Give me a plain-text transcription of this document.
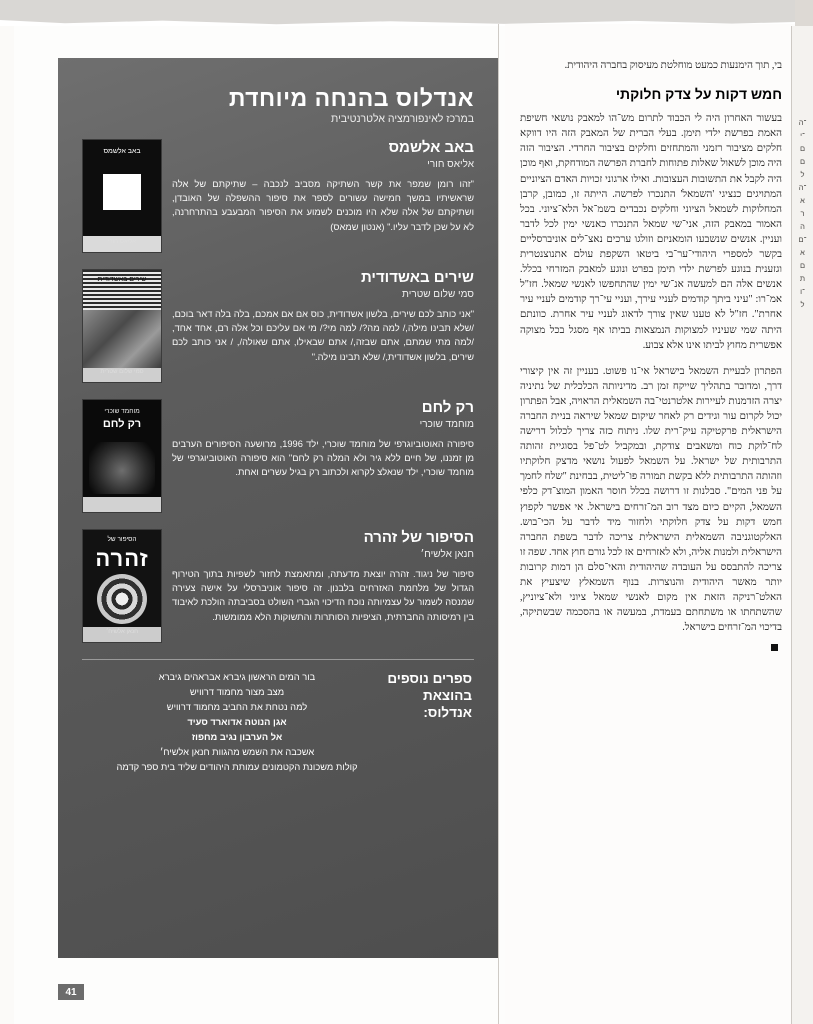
־ה
־י
ם
ם
ל
־ה
א
ר
ה
־ם
א
ם
ת
־ו
ל
אנדלוס בהנחה מיוחדת
במרכז לאינפורמציה אלטרנטיבית
באב אלשמס
אליאס חורי

"זהו רומן שמפר את קשר השתיקה מסביב לנכבה – שתיקתם של אלה שראשיתיו במשך חמישה עשורים לספר את סיפור ההשפלה של האובדן, ושתיקתם של אלה שלא היו מוכנים לשמוע את הסיפור המבעבע בהתרחרנה, לא על שכן לדבר עליו." (אנטון שמאס)

באב אלשמס
אליאס חורי
שירים באשדודית
סמי שלום שטרית

"אני כותב לכם שירים, בלשון אשדודית, כוס אם אם אמכם, בלה בלה דאר בוכם, /שלא תבינו מילה,/ למה מה?/ למה מי?/ מי אם עליכם וכל אלה רם, אחד אחד, /למה מתי שמתם, אתם שבזה,/ אתם שבאילו, אתם שאולה/, / אני כותב לכם שירים, בלשון אשדודית,/ שלא תבינו מילה."

שירים באשדודית
סמי שלום שטרית
רק לחם
מוחמד שוכרי

סיפורה האוטוביוגרפי של מוחמד שוכרי, ילד 1996, מרושעה הסיפורים הערבים מן זמננו, של חיים ללא גיר ולא המלה רק לחם" הוא סיפורה האוטוביוגרפי של מוחמד שוכרי, ילד שנאלצ לקרוא ולכתוב רק בגיל עשרים ואחת.

מוחמד שוכרי
רק לחם
הסיפור של זהרה
חנאן אלשיח׳

סיפור של ניגוד. זהרה יוצאת מדעתה, ומתאמצת לחזור לשפיות בתוך הטירוף הגדול של מלחמת האזרחים בלבנון. זה סיפור אוניברסלי על אישה צעירה שמנסה לשמור על עצמיותה נוכח הדיכוי הגברי השולט בסביבתה הולכת לאיבוד בין רמיסותה החברתית, הציפיות הסותרות והתשוקות הלא ממומשות.

הסיפור של
זהרה
חנאן אלשיח׳
ספרים נוספים בהוצאת אנדלוס:
בור המים הראשון גיברא אבראהים גיברא
מצב מצור מחמוד דרוויש
למה נטחת את החביב מחמוד דרוויש
אגן הנוטה אדוארד סעיד
אל הערבון נגיב מחפוז
אשכבה את השמש מהגוות חנאן אלשיח׳
קולות משכונת הקטמונים עמותת היהודים שליד בית ספר קדמה

בי, תוך הימנעות כמעט מוחלטת מעיסוק בחברה היהודית.

חמש דקות על צדק חלוקתי

בעשור האחרון היה לי הכבוד לתרום מש־הו למאבק נושאי חשיפת האמת בפרשת ילדי תימן. בעלי הברית של המאבק הזה היו דווקא חלקים מציבור רזמני והמתחזים וחלקים בציבור החרדי. הציבור הזה היה מוכן לשאול שאלות פתוחות לחברת הפרשה המודחקת, ואף מוכן היה לקבל את התשובות העצובות. ואילו ארגוני זכויות האדם הציוניים המתויגים כנציגי 'השמאל' התנכרו לפרשה. הייתה זו, כמובן, קרבן המחלוקות לשמאל הציוני וחלקים נכבדים בשמ־אל הלא־ציוני. בכל האמור במאבק הזה, אני־שי שמאל התנכרו כאנשי ימין לכל לדבר ועניין. אנשים שנשבעו הומאניזם וזולגו ערכים נאצ־לים אוניברסליים בקשר למספרי היהודי־ער־בי ביטאו השקפת עולם אתנוצנטרית וגזענית בנוגע לפרשת ילדי תימן בפרט ונוגע למאבק המזרחי בכלל. אנשים אלה הם למעשה אנ־שי ימין שהתחפשו לאנשי שמאל. חז"ל אמ־רו: "עיני ביתך קודמים לעניי עירך, ועניי עי־רך קודמים לעניי עיר אחרת". חז"ל לא טענו שאין צורך לדאוג לעניי עיר אחרת. כוונתם היתה שמי שעיניו למצוקות הנמצאות בביתו אף מסגל בכל מצוקה אפשרית מחוץ לביתו אינו אלא צבוע.

הפתרון לבעיית השמאל בישראל אי־נו פשוט. בעניין זה אין קיצורי דרך, ומדובר בתהליך שייקח זמן רב. מדיניותה הכלכלית של נתיניה יצרה הזדמנות לעיירות אלטרנטי־בה השמאלית הראויה, אבל הפתרון יכול לקרום עור וגידים רק לאחר שיקום שמאל שיראה בניית החברה הישראלית פרקטיקה עיק־רית שלו. ניתוח כזה צריך לכלול דרישה לח־לוקת כוח ומשאבים צודקת, ובמקביל לט־פל בסוגיית זהותה התרבותית של ישראל. על השמאל לפעול נושאי מדצק חלוקתיו וזהותה התרבותית ללא בקשת תמורה פו־ליטית, בבחינת "שלח לחמך על פני המים". סבלנות זו דרושה בכלל חוסר האמון המוצ־דק כלפי השמאל, הקיים כיום מצד רוב המ־זרחים בישראל. אי אפשר לקפוץ חמש דקות על צדק חלוקתי ולחזור מיד לדבר על הכי־בוש. האלקטוגניבה השמאלית הישראלית צריכה לדבר בשפת החברה הישראלית ולמנות אליה, ולא לאזרחים אז לכל גורם חוץ אחד. שפה זו צריכה להתבסס על העובדה שהיהודית והאי־סלם הן דמות קרובות יותר מאשר היהודית והנוצרות. בנוף השמאלץ שיצעיץ את האלט־רניקה הזאת אין מקום לאנשי שמאל ציוני ולא־ציוניץ, שהשתחתו או משתחתם בעמדת, במעשה או בהסכמה שבשתיקה, בדיכוי המ־זרחים בישראל.

41
